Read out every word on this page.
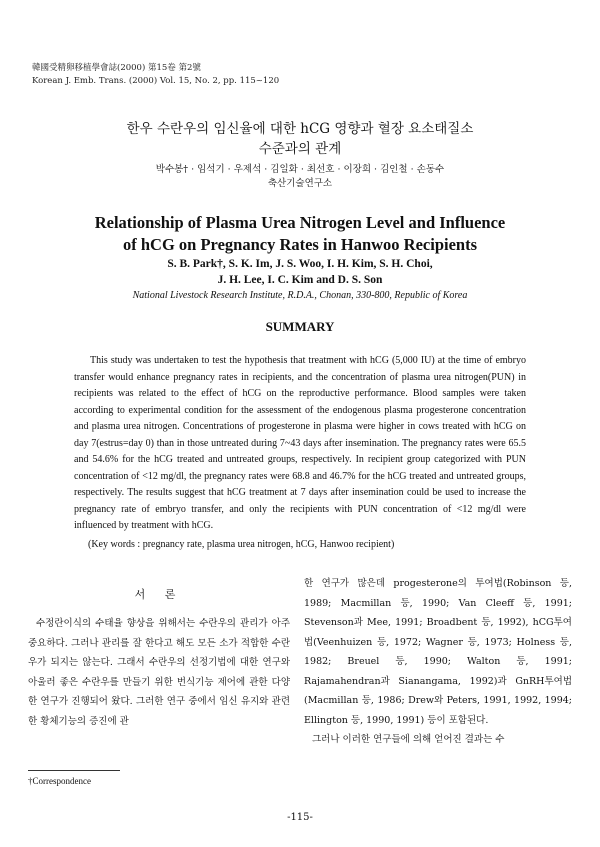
韓國受精卵移植學會誌(2000) 第15卷 第2號
Korean J. Emb. Trans. (2000) Vol. 15, No. 2, pp. 115~120
한우 수란우의 임신율에 대한 hCG 영향과 혈장 요소태질소
수준과의 관계
박수봉† · 임석기 · 우제석 · 김일화 · 최선호 · 이장희 · 김인철 · 손동수
축산기술연구소
Relationship of Plasma Urea Nitrogen Level and Influence
of hCG on Pregnancy Rates in Hanwoo Recipients
S. B. Park†, S. K. Im, J. S. Woo, I. H. Kim, S. H. Choi,
J. H. Lee, I. C. Kim and D. S. Son
National Livestock Research Institute, R.D.A., Chonan, 330-800, Republic of Korea
SUMMARY

This study was undertaken to test the hypothesis that treatment with hCG (5,000 IU) at the time of embryo transfer would enhance pregnancy rates in recipients, and the concentration of plasma urea nitrogen(PUN) in recipients was related to the effect of hCG on the reproductive performance. Blood samples were taken according to experimental condition for the assessment of the endogenous plasma progesterone concentration and plasma urea nitrogen. Concentrations of progesterone in plasma were higher in cows treated with hCG on day 7(estrus=day 0) than in those untreated during 7~43 days after insemination. The pregnancy rates were 65.5 and 54.6% for the hCG treated and untreated groups, respectively. In recipient group categorized with PUN concentration of <12 mg/dl, the pregnancy rates were 68.8 and 46.7% for the hCG treated and untreated groups, respectively. The results suggest that hCG treatment at 7 days after insemination could be used to increase the pregnancy rate of embryo transfer, and only the recipients with PUN concentration of <12 mg/dl were influenced by treatment with hCG.

(Key words : pregnancy rate, plasma urea nitrogen, hCG, Hanwoo recipient)
서 론

수정란이식의 수태율 향상을 위해서는 수란우의 관리가 아주 중요하다. 그러나 관리를 잘 한다고 해도 모든 소가 적합한 수란우가 되지는 않는다. 그래서 수란우의 선정기법에 대한 연구와 아울러 좋은 수란우를 만들기 위한 번식기능 제어에 관한 다양한 연구가 진행되어 왔다. 그러한 연구 중에서 임신 유지와 관련한 황체기능의 증진에 관

한 연구가 많은데 progesterone의 투여법(Robinson 등, 1989; Macmillan 등, 1990; Van Cleeff 등, 1991; Stevenson과 Mee, 1991; Broadbent 등, 1992), hCG투여법(Veenhuizen 등, 1972; Wagner 등, 1973; Holness 등, 1982; Breuel 등, 1990; Walton 등, 1991; Rajamahendran과 Sianangama, 1992)과 GnRH투여법(Macmillan 등, 1986; Drew와 Peters, 1991, 1992, 1994; Ellington 등, 1990, 1991) 등이 포함된다.

그러나 이러한 연구들에 의해 얻어진 결과는 수

†Correspondence
-115-
